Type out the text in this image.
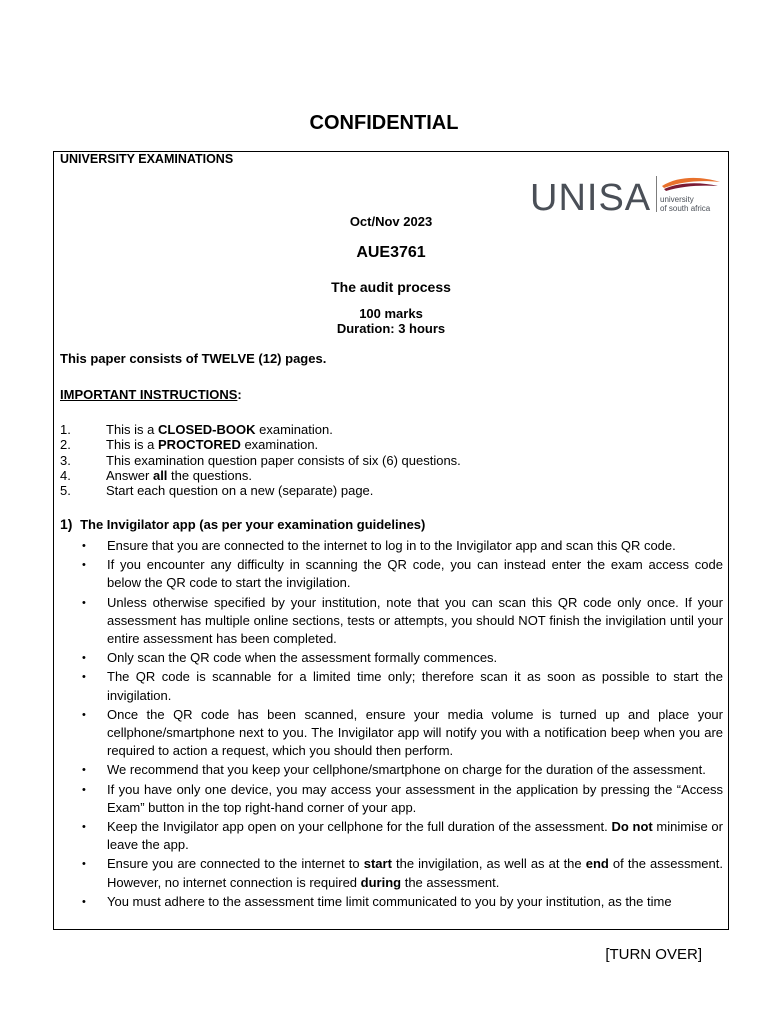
CONFIDENTIAL
UNIVERSITY EXAMINATIONS
UNISA university
of south africa
Oct/Nov 2023
AUE3761
The audit process
100 marks
Duration: 3 hours
This paper consists of TWELVE (12) pages.
IMPORTANT INSTRUCTIONS:
1.	This is a CLOSED-BOOK examination.
2.	This is a PROCTORED examination.
3.	This examination question paper consists of six (6) questions.
4.	Answer all the questions.
5.	Start each question on a new (separate) page.
1) The Invigilator app (as per your examination guidelines)
•	Ensure that you are connected to the internet to log in to the Invigilator app and scan this QR code.
•	If you encounter any difficulty in scanning the QR code, you can instead enter the exam access code below the QR code to start the invigilation.
•	Unless otherwise specified by your institution, note that you can scan this QR code only once. If your assessment has multiple online sections, tests or attempts, you should NOT finish the invigilation until your entire assessment has been completed.
•	Only scan the QR code when the assessment formally commences.
•	The QR code is scannable for a limited time only; therefore scan it as soon as possible to start the invigilation.
•	Once the QR code has been scanned, ensure your media volume is turned up and place your cellphone/smartphone next to you. The Invigilator app will notify you with a notification beep when you are required to action a request, which you should then perform.
•	We recommend that you keep your cellphone/smartphone on charge for the duration of the assessment.
•	If you have only one device, you may access your assessment in the application by pressing the “Access Exam” button in the top right-hand corner of your app.
•	Keep the Invigilator app open on your cellphone for the full duration of the assessment. Do not minimise or leave the app.
•	Ensure you are connected to the internet to start the invigilation, as well as at the end of the assessment. However, no internet connection is required during the assessment.
•	You must adhere to the assessment time limit communicated to you by your institution, as the time
[TURN OVER]
